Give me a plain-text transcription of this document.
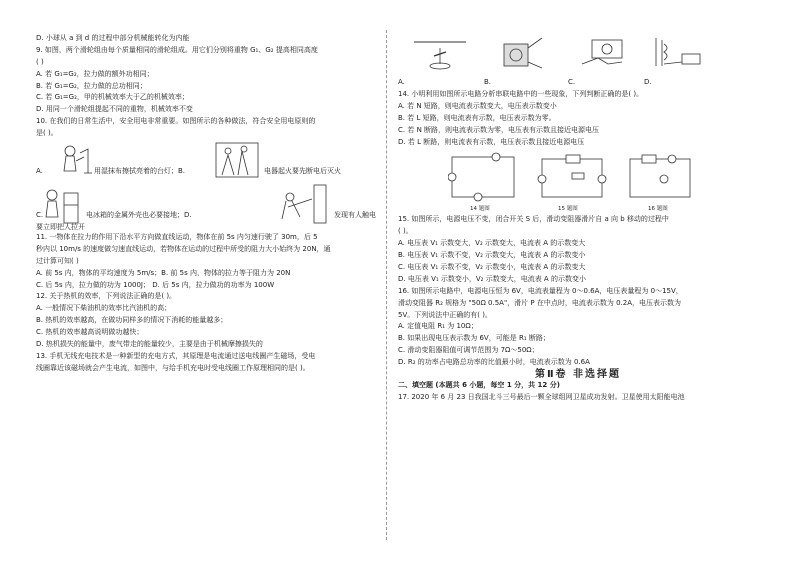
D. 小球从 a 到 d 的过程中部分机械能转化为内能
9. 如图，两个滑轮组由每个质量相同的滑轮组成。用它们分别将重物 G₁、G₂ 提高相同高度
( )
A. 若 G₁=G₂，拉力做的额外功相同；
B. 若 G₁=G₂，拉力做的总功相同；
C. 若 G₁=G₂，甲的机械效率大于乙的机械效率；
D. 用同一个滑轮组提起不同的重物，机械效率不变
10. 在我们的日常生活中，安全用电非常重要。如图所示的各种做法，符合安全用电原则的
是( )。
A.	用湿抹布擦拭亮着的台灯；B.	电器起火要先断电后灭火
C.	电冰箱的金属外壳也必要接地；D.	发现有人触电
要立即把人拉开
11. 一物体在拉力的作用下沿水平方向做直线运动，物体在前 5s 内匀速行驶了 30m，后 5
秒内以 10m/s 的速度做匀速直线运动，若物体在运动的过程中所受的阻力大小始终为 20N，通
过计算可知( )
A. 前 5s 内，物体的平均速度为 5m/s；B. 前 5s 内，物体的拉力等于阻力为 20N
C. 后 5s 内，拉力做的功为 1000J； D. 后 5s 内，拉力做功的功率为 100W
12. 关于热机的效率，下列说法正确的是( )。
A. 一般情况下柴油机的效率比汽油机的高；
B. 热机的效率越高，在做功同样多的情况下消耗的能量越多；
C. 热机的效率越高说明做功越快；
D. 热机损失的能量中，废气带走的能量较少，主要是由于机械摩擦损失的
13. 手机无线充电技术是一种新型的充电方式，其原理是电流通过送电线圈产生磁场，受电
线圈靠近该磁场就会产生电流，如图中，与给手机充电时受电线圈工作原理相同的是( )。
A.	B.	C.	D.
14. 小明利用如图所示电路分析串联电路中的一些现象，下列判断正确的是( )。
A. 若 N 短路，则电流表示数变大，电压表示数变小
B. 若 L 短路，则电流表有示数，电压表示数为零。
C. 若 N 断路，则电流表示数为零，电压表有示数且接近电源电压
D. 若 L 断路，则电流表有示数，电压表示数且接近电源电压
14 题图	15 题图	16 题图
15. 如图所示，电源电压不变，闭合开关 S 后，滑动变阻器滑片自 a 向 b 移动的过程中
( )。
A. 电压表 V₁ 示数变大，V₂ 示数变大，电流表 A 的示数变大
B. 电压表 V₁ 示数不变，V₂ 示数变大，电流表 A 的示数变小
C. 电压表 V₁ 示数不变，V₂ 示数变小，电流表 A 的示数变大
D. 电压表 V₁ 示数变小，V₂ 示数变大，电流表 A 的示数变小
16. 如图所示电路中，电源电压恒为 6V，电流表量程为 0～0.6A，电压表量程为 0～15V，
滑动变阻器 R₂ 规格为 "50Ω 0.5A"，滑片 P 在中点时，电流表示数为 0.2A，电压表示数为
5V。下列说法中正确的有( )。
A. 定值电阻 R₁ 为 10Ω；
B. 如果出现电压表示数为 6V，可能是 R₁ 断路；
C. 滑动变阻器阻值可调节范围为 7Ω～50Ω；
D. R₂ 的功率占电路总功率的比值最小时，电流表示数为 0.6A
第Ⅱ卷 非选择题
二、填空题 (本题共 6 小题，每空 1 分，共 12 分)
17. 2020 年 6 月 23 日我国北斗三号最后一颗全球组网卫星成功发射。卫星使用太阳能电池
